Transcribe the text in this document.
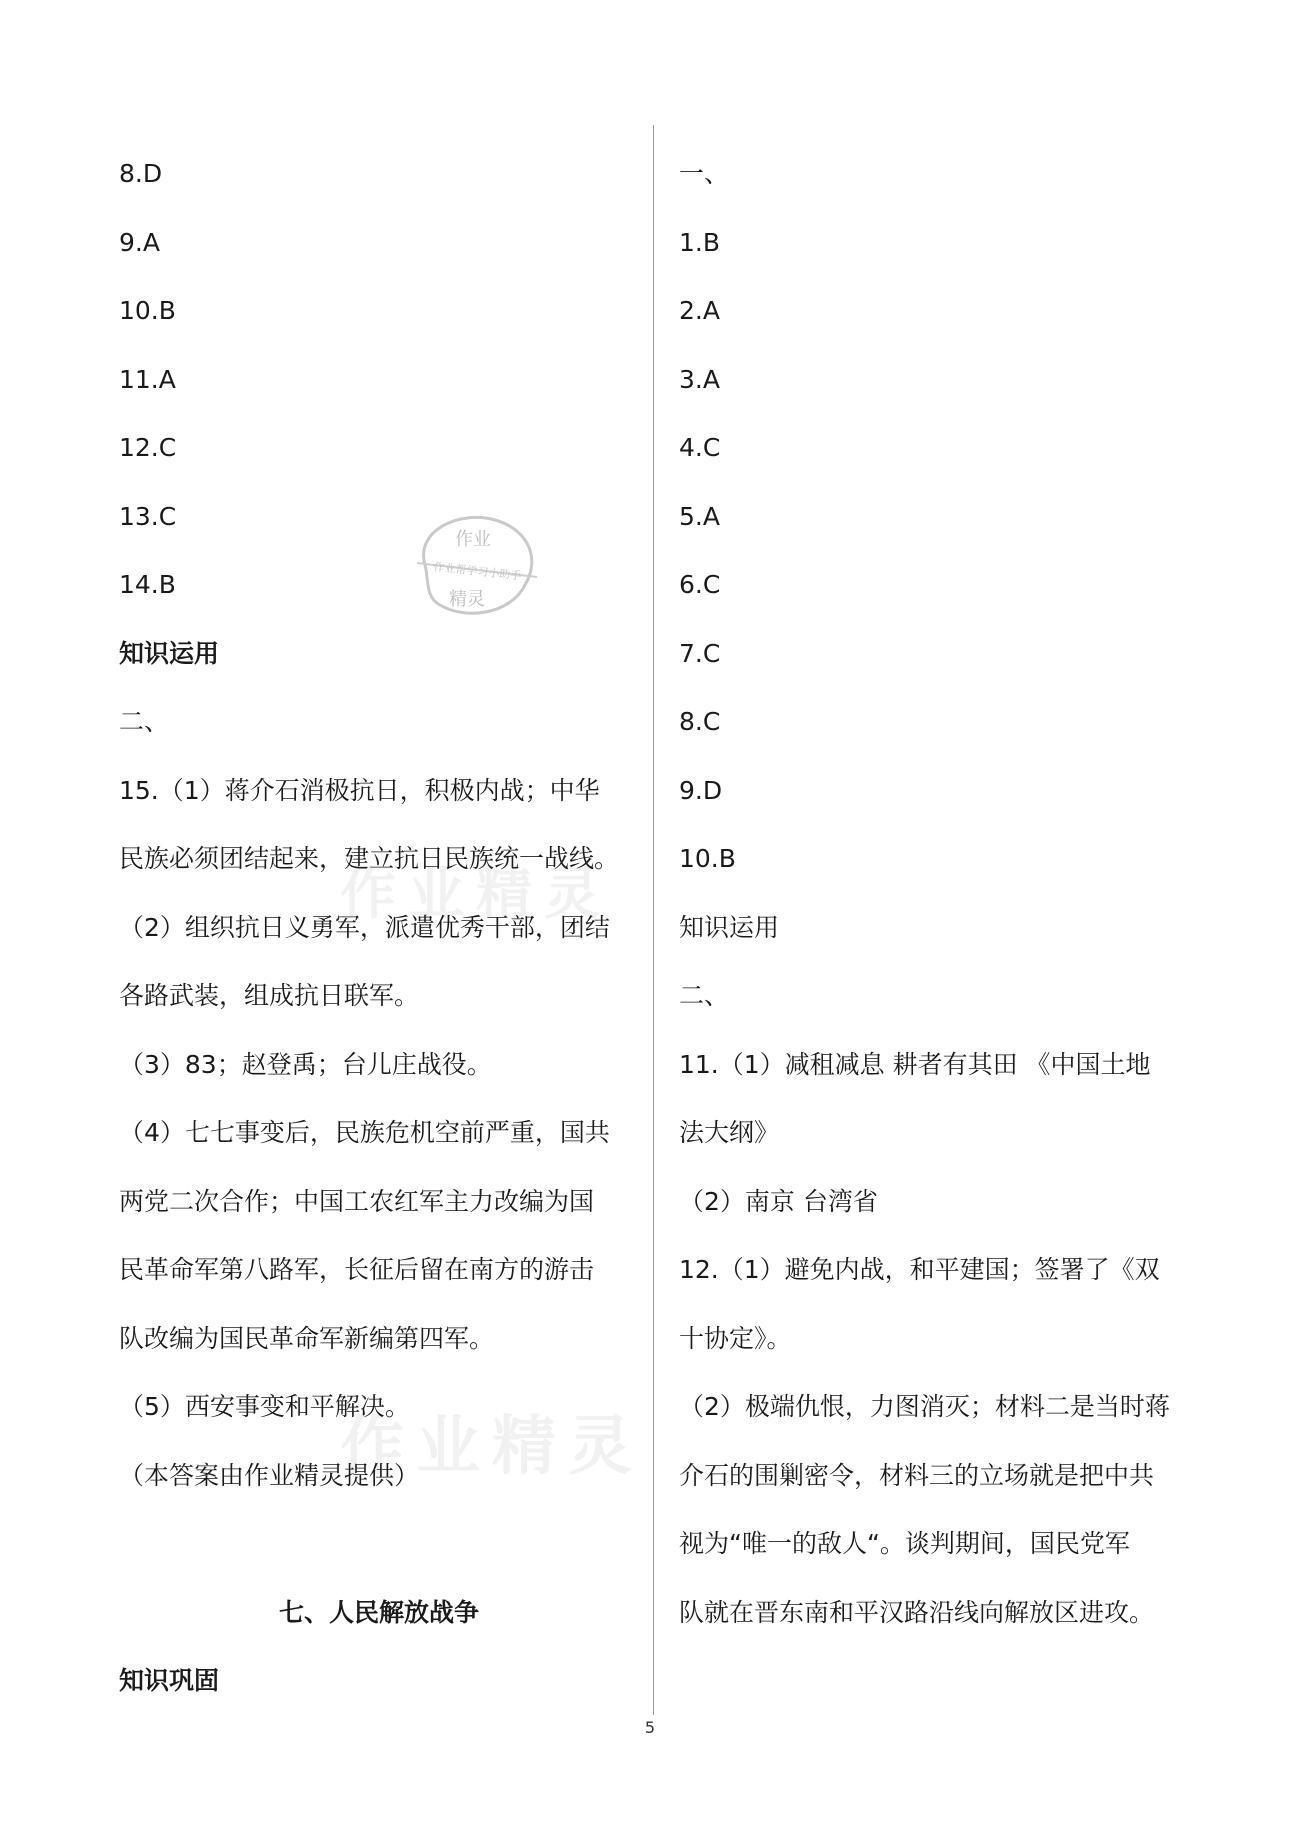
8.D
9.A
10.B
11.A
12.C
13.C
14.B
知识运用
二、
15.（1）蒋介石消极抗日，积极内战；中华
民族必须团结起来，建立抗日民族统一战线。
（2）组织抗日义勇军，派遣优秀干部，团结
各路武装，组成抗日联军。
（3）83；赵登禹；台儿庄战役。
（4）七七事变后，民族危机空前严重，国共
两党二次合作；中国工农红军主力改编为国
民革命军第八路军，长征后留在南方的游击
队改编为国民革命军新编第四军。
（5）西安事变和平解决。
（本答案由作业精灵提供）
七、人民解放战争
知识巩固
一、
1.B
2.A
3.A
4.C
5.A
6.C
7.C
8.C
9.D
10.B
知识运用
二、
11.（1）减租减息 耕者有其田 《中国土地
法大纲》
（2）南京 台湾省
12.（1）避免内战，和平建国；签署了《双
十协定》。
（2）极端仇恨，力图消灭；材料二是当时蒋
介石的围剿密令，材料三的立场就是把中共
视为“唯一的敌人“。谈判期间，国民党军
队就在晋东南和平汉路沿线向解放区进攻。
作业精灵
作业精灵
作业
作业帮学习小助手
精灵
5
